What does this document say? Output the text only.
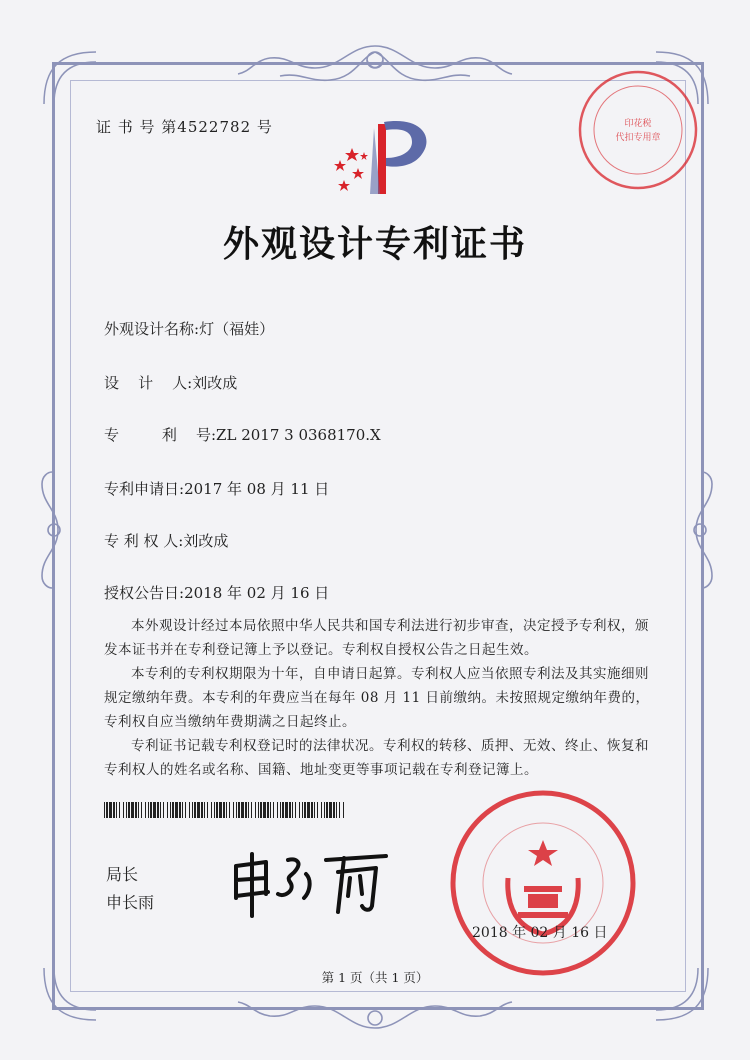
证 书 号 第4522782 号	印花税
代扣专用章
外观设计专利证书
外观设计名称:灯（福娃）
设    计    人:刘改成
专         利    号:ZL 2017 3 0368170.X
专利申请日:2017 年 08 月 11 日
专 利 权 人:刘改成
授权公告日:2018 年 02 月 16 日

本外观设计经过本局依照中华人民共和国专利法进行初步审查，决定授予专利权，颁发本证书并在专利登记簿上予以登记。专利权自授权公告之日起生效。

本专利的专利权期限为十年，自申请日起算。专利权人应当依照专利法及其实施细则规定缴纳年费。本专利的年费应当在每年 08 月 11 日前缴纳。未按照规定缴纳年费的，专利权自应当缴纳年费期满之日起终止。

专利证书记载专利权登记时的法律状况。专利权的转移、质押、无效、终止、恢复和专利权人的姓名或名称、国籍、地址变更等事项记载在专利登记簿上。

局长
申长雨
2018 年 02 月 16 日
第 1 页（共 1 页）
